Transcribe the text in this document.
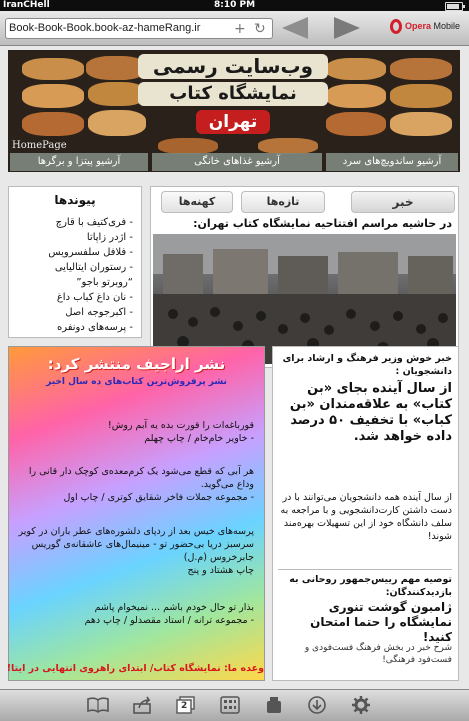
IranCHell	8:10 PM
Book-Book-Book.book-az-hameRang.ir + ↻	Opera Mobile
وب‌سایت رسمی
نمایشگاه کتاب
تهران
HomePage
آرشیو پیتزا و برگرها	آرشیو غذاهای خانگی	آرشیو ساندویچ‌های سرد
کهنه‌ها	تازه‌ها	خبر
در حاشیه مراسم افتتاحیه نمایشگاه کتاب تهران:
پیوندها
- فری‌کتیف با قارچ
- اژدر زاپاتا
- فلافل سلفسرویس
- رستوران ایتالیایی
“روبرتو باجو”
- نان داغ کباب داغ
- اکبرجوجه اصل
- پرسه‌های دونفره
نشر اراجیف منتشر کرد:
نشر پرفروش‌ترین کتاب‌های ده سال اخیر
قورباغه‌ات را قورت بده یه آبم روش!
- خاویر خام‌خام / چاپ چهلم
هر آبی که قطع می‌شود یک کرم‌معده‌ی کوچک دار قانی را وداع می‌گوید.
- مجموعه جملات فاخر شقایق کوتری / چاپ اول
پرسه‌های خیس بعد از ردپای دلشوره‌های عطر باران در کویر سرسبز دریا بی‌حضور تو - مینیمال‌های عاشقانه‌ی گوریس جابرخروس (م.ل)
چاپ هشتاد و پنج
بذار تو حال خودم باشم ... نمیخوام پاشم
- مجموعه ترانه / استاد مقصدلو / چاپ دهم
وعده ما: نمایشگاه کتاب/ ابتدای راهروی انتهایی در ایتا!
خبر خوش وزیر فرهنگ و ارشاد برای دانشجویان :
از سال آینده بجای «بن کتاب» به علاقه‌مندان «بن کباب» با تخفیف ۵۰ درصد داده خواهد شد.
از سال آینده همه دانشجویان می‌توانند با در دست داشتن کارت‌دانشجویی و با مراجعه به سلف دانشگاه خود از این تسهیلات بهره‌مند شوند!
توصیه مهم رییس‌جمهور روحانی به بازدیدکنندگان:
ژامبون گوشت تنوری نمایشگاه را حتما امتحان کنید!
شرح خبر در بخش فرهنگ فست‌فودی و فست‌فود فرهنگی!
2
